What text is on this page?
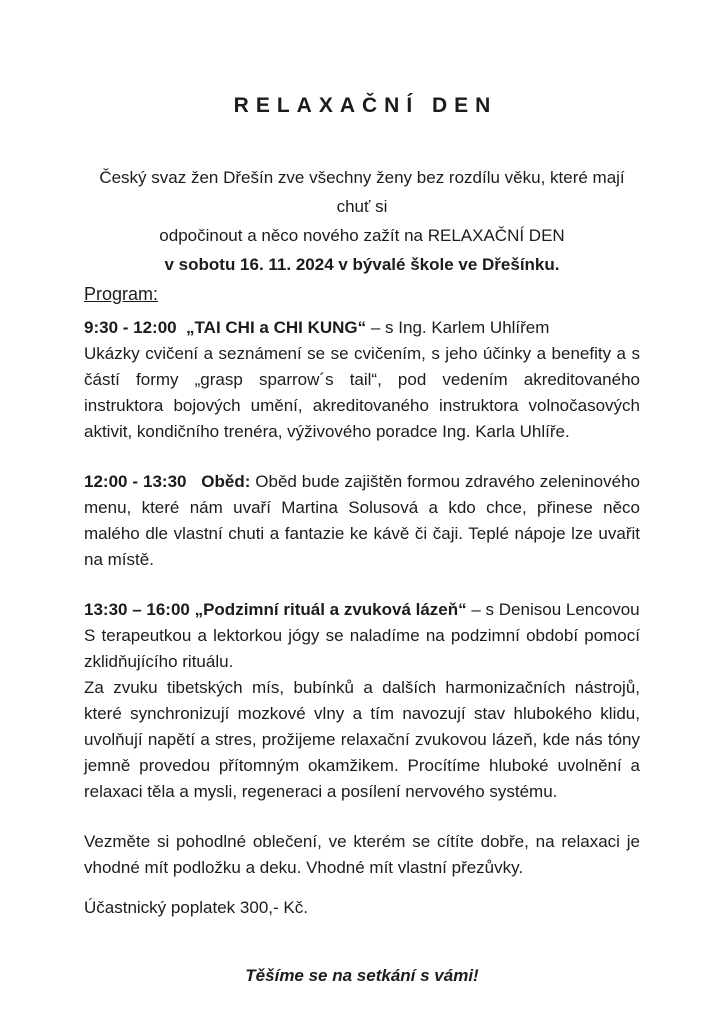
RELAXAČNÍ DEN
Český svaz žen Dřešín zve všechny ženy bez rozdílu věku, které mají chuť si
odpočinout a něco nového zažít na RELAXAČNÍ DEN
v sobotu 16. 11. 2024 v bývalé škole ve Dřešínku.
Program:

9:30 - 12:00  „TAI CHI a CHI KUNG“ – s Ing. Karlem Uhlířem

Ukázky cvičení a seznámení se se cvičením, s jeho účinky a benefity a s částí formy „grasp sparrow´s tail“, pod vedením akreditovaného instruktora bojových umění, akreditovaného instruktora volnočasových aktivit, kondičního trenéra, výživového poradce Ing. Karla Uhlíře.

12:00 - 13:30   Oběd: Oběd bude zajištěn formou zdravého zeleninového menu, které nám uvaří Martina Solusová a kdo chce, přinese něco malého dle vlastní chuti a fantazie ke kávě či čaji. Teplé nápoje lze uvařit na místě.

13:30 – 16:00 „Podzimní rituál a zvuková lázeň“ – s Denisou Lencovou

S terapeutkou a lektorkou jógy se naladíme na podzimní období pomocí zklidňujícího rituálu.

Za zvuku tibetských mís, bubínků a dalších harmonizačních nástrojů, které synchronizují mozkové vlny a tím navozují stav hlubokého klidu, uvolňují napětí a stres, prožijeme relaxační zvukovou lázeň, kde nás tóny jemně provedou přítomným okamžikem. Procítíme hluboké uvolnění a relaxaci těla a mysli, regeneraci a posílení nervového systému.

Vezměte si pohodlné oblečení, ve kterém se cítíte dobře, na relaxaci je vhodné mít podložku a deku. Vhodné mít vlastní přezůvky.

Účastnický poplatek 300,- Kč.

Těšíme se na setkání s vámi!
